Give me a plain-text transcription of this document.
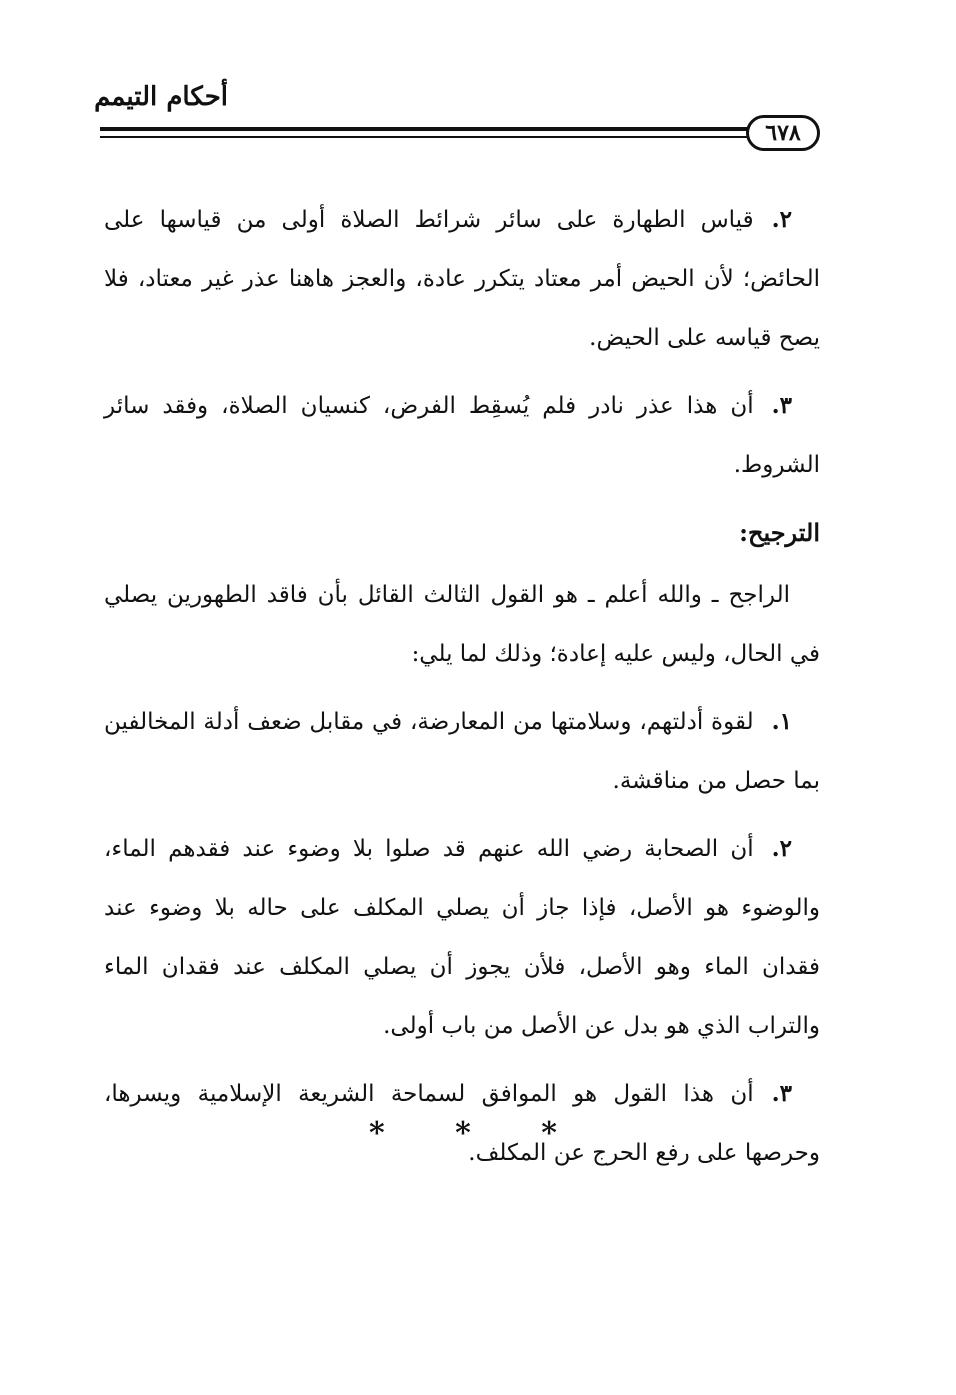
أحكام التيمم
٦٧٨

٢.قياس الطهارة على سائر شرائط الصلاة أولى من قياسها على الحائض؛ لأن الحيض أمر معتاد يتكرر عادة، والعجز هاهنا عذر غير معتاد، فلا يصح قياسه على الحيض.

٣.أن هذا عذر نادر فلم يُسقِط الفرض، كنسيان الصلاة، وفقد سائر الشروط.

الترجيح:

الراجح ـ والله أعلم ـ هو القول الثالث القائل بأن فاقد الطهورين يصلي في الحال، وليس عليه إعادة؛ وذلك لما يلي:

١.لقوة أدلتهم، وسلامتها من المعارضة، في مقابل ضعف أدلة المخالفين بما حصل من مناقشة.

٢.أن الصحابة رضي الله عنهم قد صلوا بلا وضوء عند فقدهم الماء، والوضوء هو الأصل، فإذا جاز أن يصلي المكلف على حاله بلا وضوء عند فقدان الماء وهو الأصل، فلأن يجوز أن يصلي المكلف عند فقدان الماء والتراب الذي هو بدل عن الأصل من باب أولى.

٣.أن هذا القول هو الموافق لسماحة الشريعة الإسلامية ويسرها، وحرصها على رفع الحرج عن المكلف.

* * *
